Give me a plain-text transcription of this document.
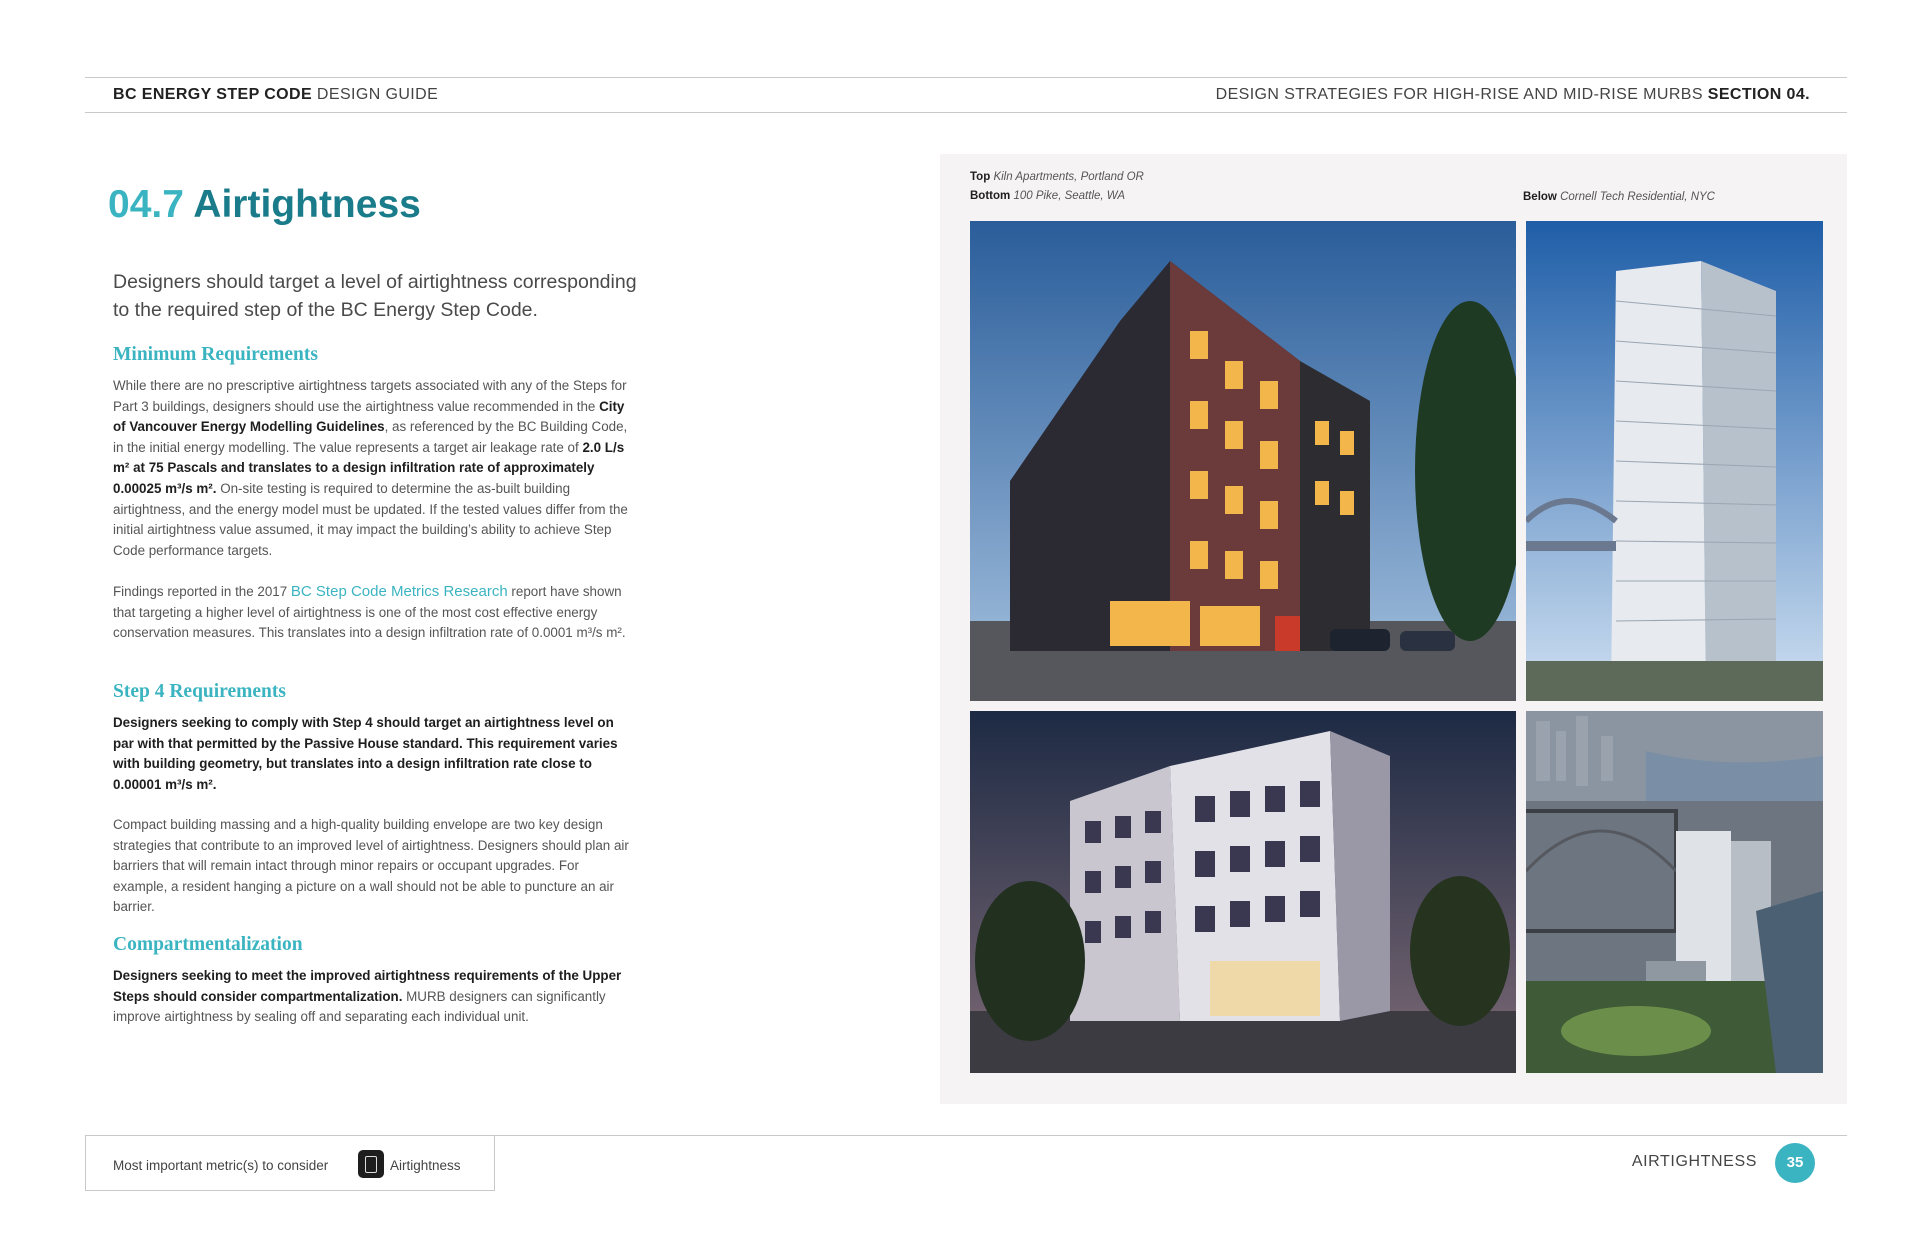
BC ENERGY STEP CODE DESIGN GUIDE	DESIGN STRATEGIES FOR HIGH-RISE AND MID-RISE MURBS SECTION 04.
04.7 Airtightness

Designers should target a level of airtightness corresponding to the required step of the BC Energy Step Code.

Minimum Requirements

While there are no prescriptive airtightness targets associated with any of the Steps for Part 3 buildings, designers should use the airtightness value recommended in the City of Vancouver Energy Modelling Guidelines, as referenced by the BC Building Code, in the initial energy modelling. The value represents a target air leakage rate of 2.0 L/s m² at 75 Pascals and translates to a design infiltration rate of approximately 0.00025 m³/s m². On-site testing is required to determine the as-built building airtightness, and the energy model must be updated. If the tested values differ from the initial airtightness value assumed, it may impact the building’s ability to achieve Step Code performance targets.

Findings reported in the 2017 BC Step Code Metrics Research report have shown that targeting a higher level of airtightness is one of the most cost effective energy conservation measures. This translates into a design infiltration rate of 0.0001 m³/s m².

Step 4 Requirements

Designers seeking to comply with Step 4 should target an airtightness level on par with that permitted by the Passive House standard. This requirement varies with building geometry, but translates into a design infiltration rate close to 0.00001 m³/s m².

Compact building massing and a high-quality building envelope are two key design strategies that contribute to an improved level of airtightness. Designers should plan air barriers that will remain intact through minor repairs or occupant upgrades. For example, a resident hanging a picture on a wall should not be able to puncture an air barrier.

Compartmentalization

Designers seeking to meet the improved airtightness requirements of the Upper Steps should consider compartmentalization. MURB designers can significantly improve airtightness by sealing off and separating each individual unit.

Top Kiln Apartments, Portland OR
Bottom 100 Pike, Seattle, WA	Below Cornell Tech Residential, NYC
Most important metric(s) to consider	Airtightness	AIRTIGHTNESS	35
